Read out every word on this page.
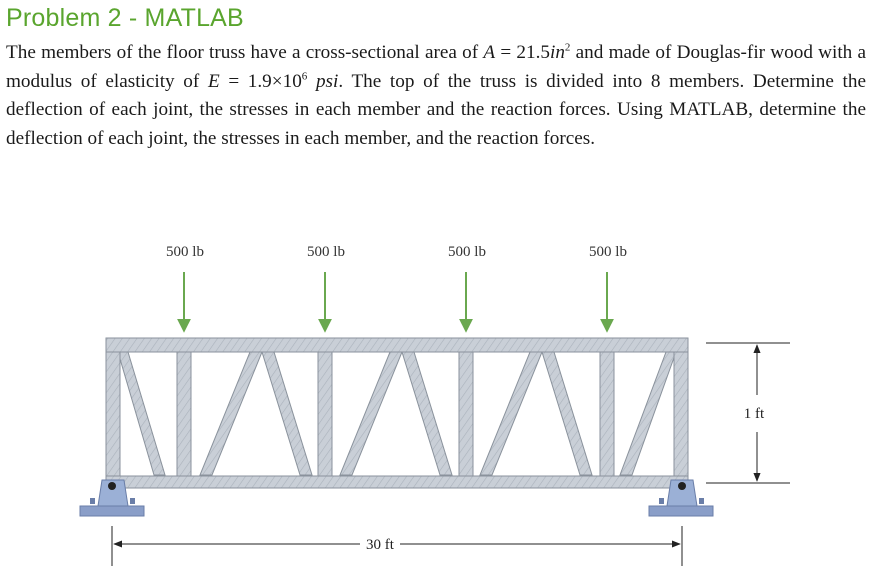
Problem 2 - MATLAB
The members of the floor truss have a cross-sectional area of $A = 21.5in^2$ and made of Douglas-fir wood with a modulus of elasticity of $E = 1.9\times 10^6$ psi. The top of the truss is divided into 8 members. Determine the deflection of each joint, the stresses in each member and the reaction forces. Using MATLAB, determine the deflection of each joint, the stresses in each member, and the reaction forces.
500 lb	500 lb	500 lb	500 lb
1 ft
30 ft
